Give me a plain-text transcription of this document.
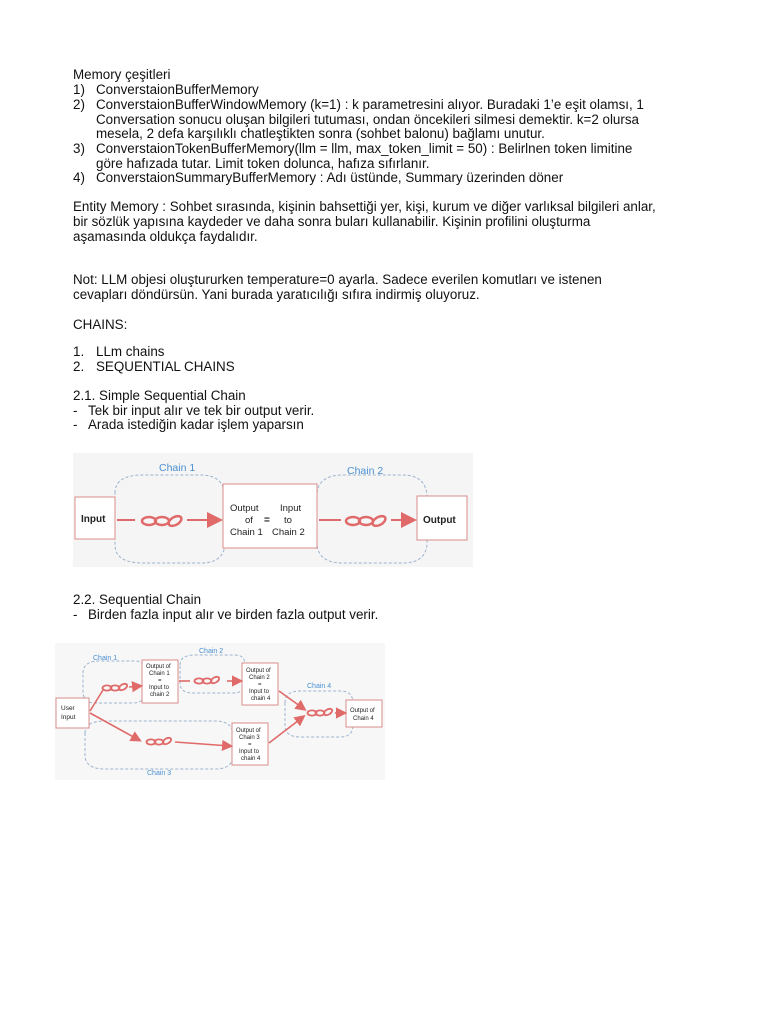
Memory çeşitleri
1) ConverstaionBufferMemory
2) ConverstaionBufferWindowMemory (k=1) : k parametresini alıyor. Buradaki 1’e eşit olamsı, 1
Conversation sonucu oluşan bilgileri tutuması, ondan öncekileri silmesi demektir. k=2 olursa
mesela, 2 defa karşılıklı chatleştikten sonra (sohbet balonu) bağlamı unutur.
3) ConverstaionTokenBufferMemory(llm = llm, max_token_limit = 50) : Belirlnen token limitine
göre hafızada tutar. Limit token dolunca, hafıza sıfırlanır.
4) ConverstaionSummaryBufferMemory : Adı üstünde, Summary üzerinden döner
Entity Memory : Sohbet sırasında, kişinin bahsettiği yer, kişi, kurum ve diğer varlıksal bilgileri anlar,
bir sözlük yapısına kaydeder ve daha sonra buları kullanabilir. Kişinin profilini oluşturma
aşamasında oldukça faydalıdır.
Not: LLM objesi oluştururken temperature=0 ayarla. Sadece everilen komutları ve istenen
cevapları döndürsün. Yani burada yaratıcılığı sıfıra indirmiş oluyoruz.
CHAINS:
1. LLm chains
2. SEQUENTIAL CHAINS
2.1. Simple Sequential Chain
- Tek bir input alır ve tek bir output verir.
- Arada istediğin kadar işlem yaparsın
Chain 1	Chain 2
Input
Output
of
Chain 1
=
Input
to
Chain 2
Output
2.2. Sequential Chain
- Birden fazla input alır ve birden fazla output verir.
Chain 1
Chain 2
Chain 4
Chain 3
User
Input
Output of
Chain 1
=
Input to
chain 2
Output of
Chain 2
=
Input to
chain 4
Output of
Chain 3
=
Input to
chain 4
Output of
Chain 4
